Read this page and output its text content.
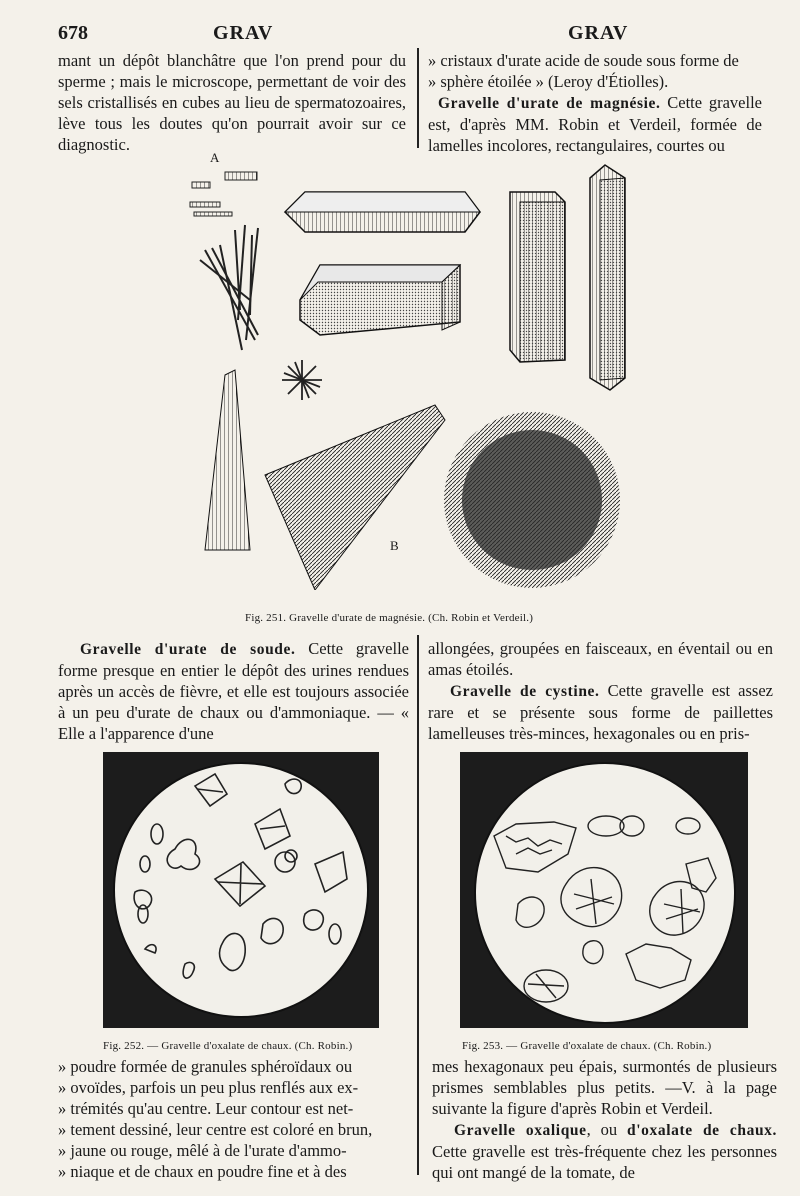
678	GRAV	GRAV

mant un dépôt blanchâtre que l'on prend pour du sperme ; mais le microscope, permettant de voir des sels cristallisés en cubes au lieu de spermatozoaires, lève tous les doutes qu'on pourrait avoir sur ce diagnostic.

» cristaux d'urate acide de soude sous forme de
» sphère étoilée » (Leroy d'Étiolles).

Gravelle d'urate de magnésie. Cette gravelle est, d'après MM. Robin et Verdeil, formée de lamelles incolores, rectangulaires, courtes ou

A
B
Fig. 251. Gravelle d'urate de magnésie. (Ch. Robin et Verdeil.)

Gravelle d'urate de soude. Cette gravelle forme presque en entier le dépôt des urines rendues après un accès de fièvre, et elle est toujours associée à un peu d'urate de chaux ou d'ammoniaque. — « Elle a l'apparence d'une

allongées, groupées en faisceaux, en éventail ou en amas étoilés.

Gravelle de cystine. Cette gravelle est assez rare et se présente sous forme de paillettes lamelleuses très-minces, hexagonales ou en pris-

Fig. 252. — Gravelle d'oxalate de chaux. (Ch. Robin.)	Fig. 253. — Gravelle d'oxalate de chaux. (Ch. Robin.)
» poudre formée de granules sphéroïdaux ou
» ovoïdes, parfois un peu plus renflés aux ex-
» trémités qu'au centre. Leur contour est net-
» tement dessiné, leur centre est coloré en brun,
» jaune ou rouge, mêlé à de l'urate d'ammo-
» niaque et de chaux en poudre fine et à des

mes hexagonaux peu épais, surmontés de plusieurs prismes semblables plus petits. —V. à la page suivante la figure d'après Robin et Verdeil.

Gravelle oxalique, ou d'oxalate de chaux. Cette gravelle est très-fréquente chez les personnes qui ont mangé de la tomate, de
